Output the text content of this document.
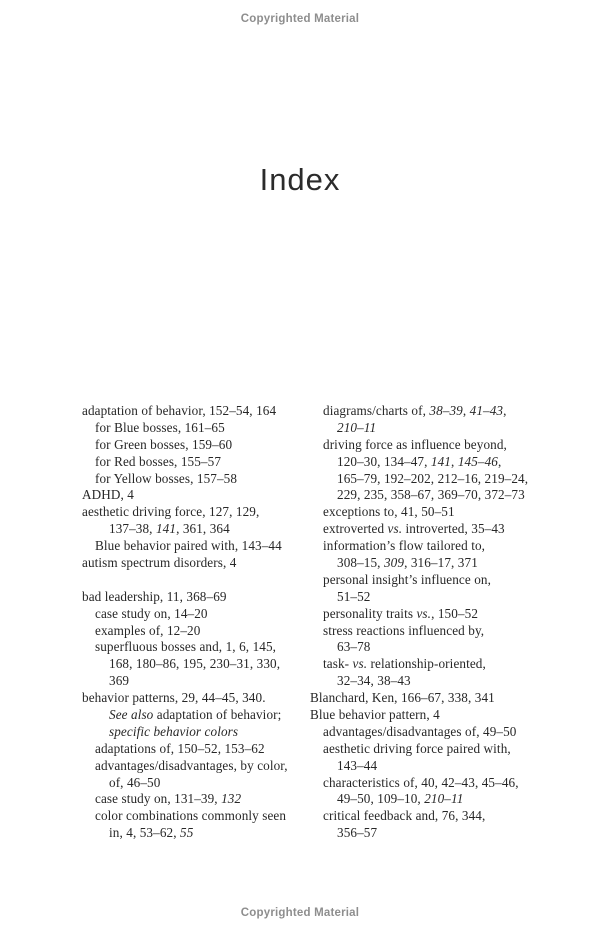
Copyrighted Material
Index
adaptation of behavior, 152–54, 164
for Blue bosses, 161–65
for Green bosses, 159–60
for Red bosses, 155–57
for Yellow bosses, 157–58
ADHD, 4
aesthetic driving force, 127, 129,
137–38, 141, 361, 364
Blue behavior paired with, 143–44
autism spectrum disorders, 4
bad leadership, 11, 368–69
case study on, 14–20
examples of, 12–20
superfluous bosses and, 1, 6, 145,
168, 180–86, 195, 230–31, 330,
369
behavior patterns, 29, 44–45, 340.
See also adaptation of behavior;
specific behavior colors
adaptations of, 150–52, 153–62
advantages/disadvantages, by color,
of, 46–50
case study on, 131–39, 132
color combinations commonly seen
in, 4, 53–62, 55
diagrams/charts of, 38–39, 41–43,
210–11
driving force as influence beyond,
120–30, 134–47, 141, 145–46,
165–79, 192–202, 212–16, 219–24,
229, 235, 358–67, 369–70, 372–73
exceptions to, 41, 50–51
extroverted vs. introverted, 35–43
information’s flow tailored to,
308–15, 309, 316–17, 371
personal insight’s influence on,
51–52
personality traits vs., 150–52
stress reactions influenced by,
63–78
task- vs. relationship-oriented,
32–34, 38–43
Blanchard, Ken, 166–67, 338, 341
Blue behavior pattern, 4
advantages/disadvantages of, 49–50
aesthetic driving force paired with,
143–44
characteristics of, 40, 42–43, 45–46,
49–50, 109–10, 210–11
critical feedback and, 76, 344,
356–57
Copyrighted Material
